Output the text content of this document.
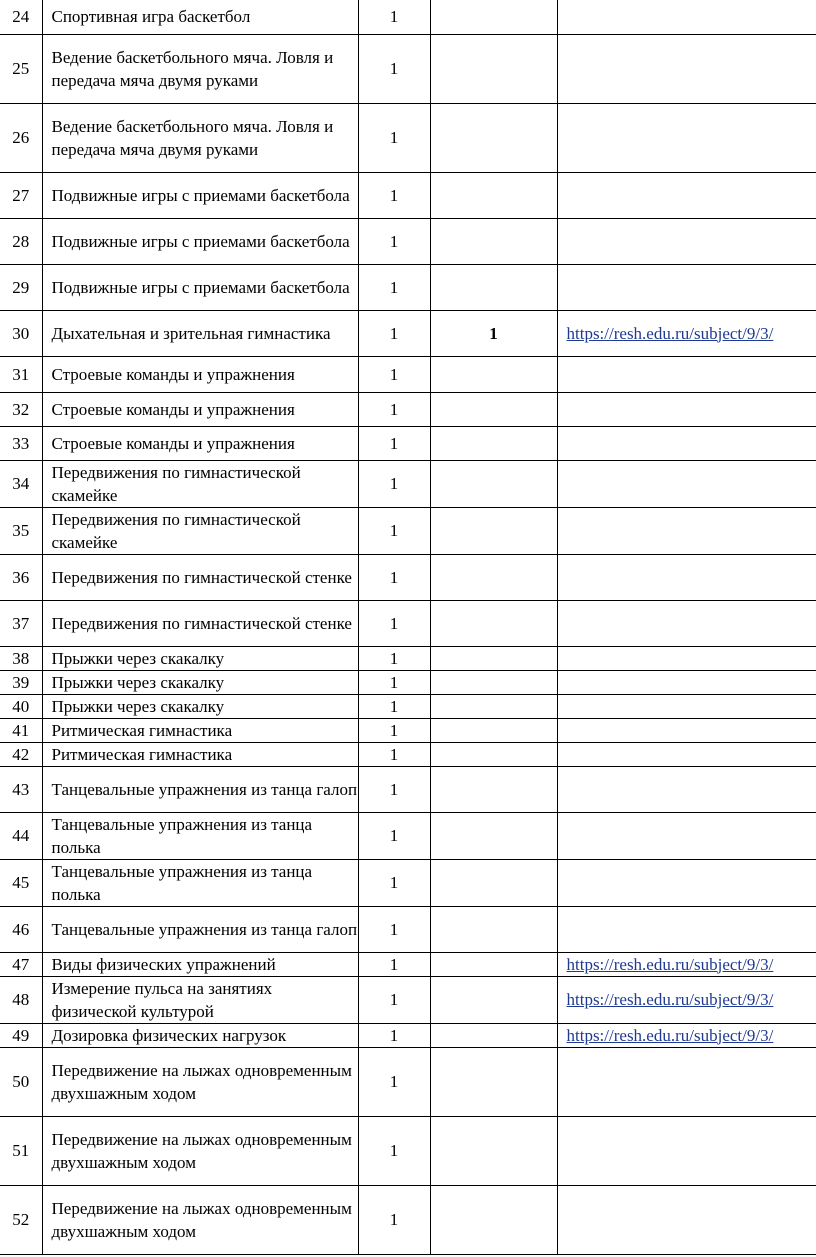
24	Спортивная игра баскетбол	1		
25	Ведение баскетбольного мяча. Ловля и передача мяча двумя руками	1		
26	Ведение баскетбольного мяча. Ловля и передача мяча двумя руками	1		
27	Подвижные игры с приемами баскетбола	1		
28	Подвижные игры с приемами баскетбола	1		
29	Подвижные игры с приемами баскетбола	1		
30	Дыхательная и зрительная гимнастика	1	1	https://resh.edu.ru/subject/9/3/
31	Строевые команды и упражнения	1		
32	Строевые команды и упражнения	1		
33	Строевые команды и упражнения	1		
34	Передвижения по гимнастической скамейке	1		
35	Передвижения по гимнастической скамейке	1		
36	Передвижения по гимнастической стенке	1		
37	Передвижения по гимнастической стенке	1		
38	Прыжки через скакалку	1		
39	Прыжки через скакалку	1		
40	Прыжки через скакалку	1		
41	Ритмическая гимнастика	1		
42	Ритмическая гимнастика	1		
43	Танцевальные упражнения из танца галоп	1		
44	Танцевальные упражнения из танца полька	1		
45	Танцевальные упражнения из танца полька	1		
46	Танцевальные упражнения из танца галоп	1		
47	Виды физических упражнений	1		https://resh.edu.ru/subject/9/3/
48	Измерение пульса на занятиях физической культурой	1		https://resh.edu.ru/subject/9/3/
49	Дозировка физических нагрузок	1		https://resh.edu.ru/subject/9/3/
50	Передвижение на лыжах одновременным двухшажным ходом	1		
51	Передвижение на лыжах одновременным двухшажным ходом	1		
52	Передвижение на лыжах одновременным двухшажным ходом	1		
